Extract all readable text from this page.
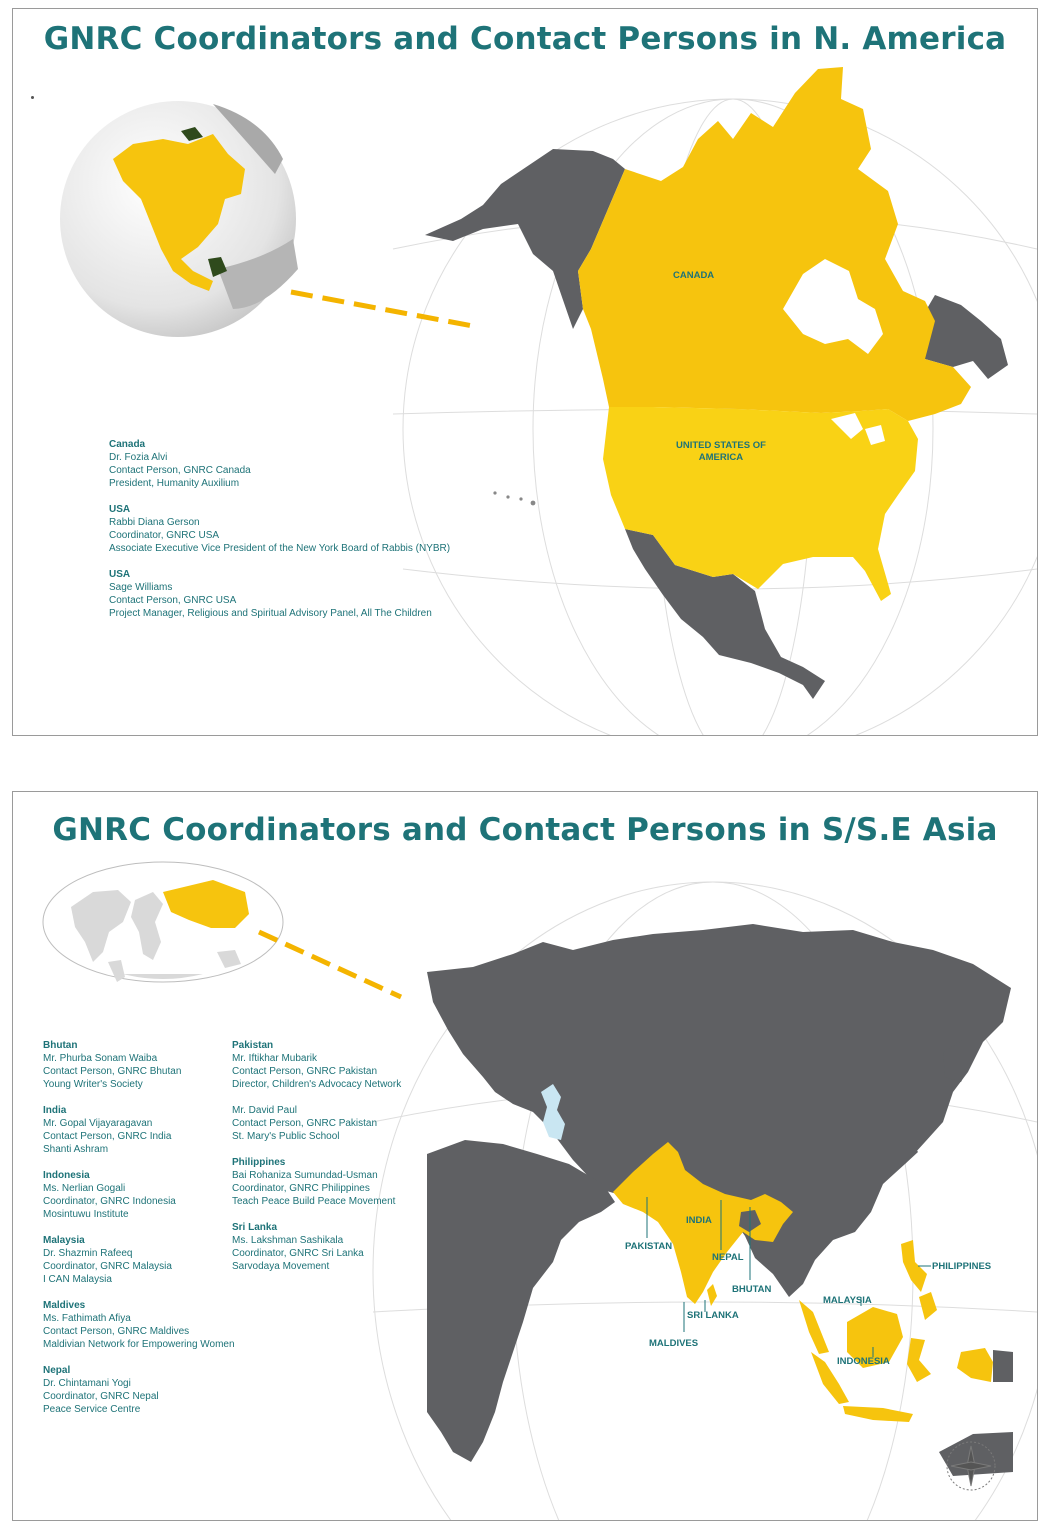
GNRC Coordinators and Contact Persons in N. America
CANADA
UNITED STATES OF
AMERICA
Canada
Dr. Fozia Alvi
Contact Person, GNRC Canada
President, Humanity Auxilium
USA
Rabbi Diana Gerson
Coordinator, GNRC USA
Associate Executive Vice President of the New York Board of Rabbis (NYBR)
USA
Sage Williams
Contact Person, GNRC USA
Project Manager, Religious and Spiritual Advisory Panel, All The Children
GNRC Coordinators and Contact Persons in S/S.E Asia
INDIA
PAKISTAN
NEPAL
BHUTAN
SRI LANKA
MALDIVES
MALAYSIA
INDONESIA
PHILIPPINES
Bhutan
Mr. Phurba Sonam Waiba
Contact Person, GNRC Bhutan
Young Writer's Society
India
Mr. Gopal Vijayaragavan
Contact Person, GNRC India
Shanti Ashram
Indonesia
Ms. Nerlian Gogali
Coordinator, GNRC Indonesia
Mosintuwu Institute
Malaysia
Dr. Shazmin Rafeeq
Coordinator, GNRC Malaysia
I CAN Malaysia
Maldives
Ms. Fathimath Afiya
Contact Person, GNRC Maldives
Maldivian Network for Empowering Women
Nepal
Dr. Chintamani Yogi
Coordinator, GNRC Nepal
Peace Service Centre
Pakistan
Mr. Iftikhar Mubarik
Contact Person, GNRC Pakistan
Director, Children's Advocacy Network
Mr. David Paul
Contact Person, GNRC Pakistan
St. Mary's Public School
Philippines
Bai Rohaniza Sumundad-Usman
Coordinator, GNRC Philippines
Teach Peace Build Peace Movement
Sri Lanka
Ms. Lakshman Sashikala
Coordinator, GNRC Sri Lanka
Sarvodaya Movement
